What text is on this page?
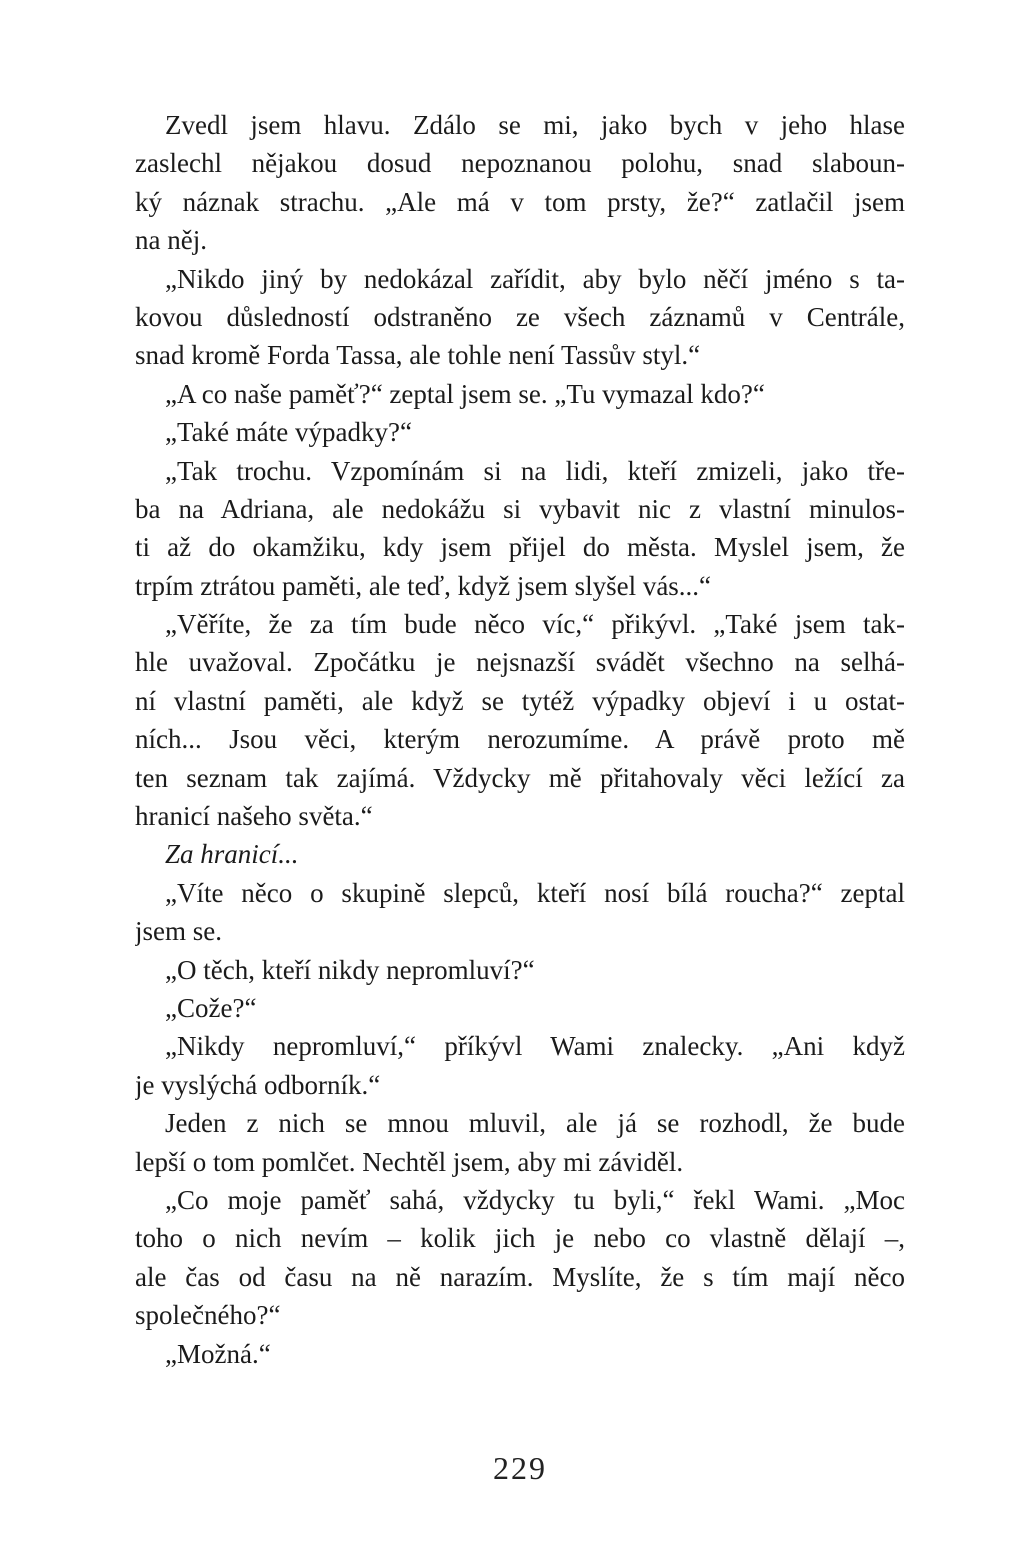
Zvedl jsem hlavu. Zdálo se mi, jako bych v jeho hlase
zaslechl nějakou dosud nepoznanou polohu, snad slaboun-
ký náznak strachu. „Ale má v tom prsty, že?“ zatlačil jsem
na něj.
„Nikdo jiný by nedokázal zařídit, aby bylo něčí jméno s ta-
kovou důsledností odstraněno ze všech záznamů v Centrále,
snad kromě Forda Tassa, ale tohle není Tassův styl.“
„A co naše paměť?“ zeptal jsem se. „Tu vymazal kdo?“
„Také máte výpadky?“
„Tak trochu. Vzpomínám si na lidi, kteří zmizeli, jako tře-
ba na Adriana, ale nedokážu si vybavit nic z vlastní minulos-
ti až do okamžiku, kdy jsem přijel do města. Myslel jsem, že
trpím ztrátou paměti, ale teď, když jsem slyšel vás...“
„Věříte, že za tím bude něco víc,“ přikývl. „Také jsem tak-
hle uvažoval. Zpočátku je nejsnazší svádět všechno na selhá-
ní vlastní paměti, ale když se tytéž výpadky objeví i u ostat-
ních... Jsou věci, kterým nerozumíme. A právě proto mě
ten seznam tak zajímá. Vždycky mě přitahovaly věci ležící za
hranicí našeho světa.“
Za hranicí...
„Víte něco o skupině slepců, kteří nosí bílá roucha?“ zeptal
jsem se.
„O těch, kteří nikdy nepromluví?“
„Cože?“
„Nikdy nepromluví,“ příkývl Wami znalecky. „Ani když
je vyslýchá odborník.“
Jeden z nich se mnou mluvil, ale já se rozhodl, že bude
lepší o tom pomlčet. Nechtěl jsem, aby mi záviděl.
„Co moje paměť sahá, vždycky tu byli,“ řekl Wami. „Moc
toho o nich nevím – kolik jich je nebo co vlastně dělají –,
ale čas od času na ně narazím. Myslíte, že s tím mají něco
společného?“
„Možná.“
229
